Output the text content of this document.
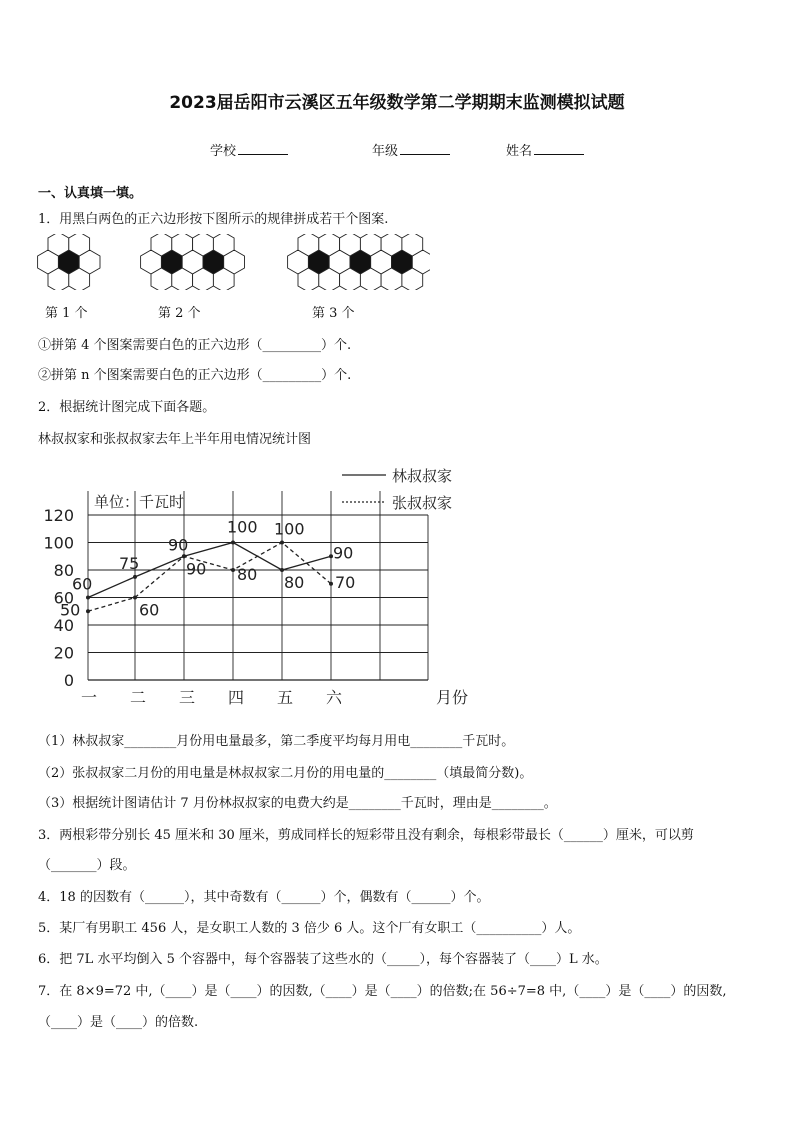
2023届岳阳市云溪区五年级数学第二学期期末监测模拟试题
学校	年级	姓名
一、认真填一填。
1．用黑白两色的正六边形按下图所示的规律拼成若干个图案.
第 1 个	第 2 个	第 3 个
①拼第 4 个图案需要白色的正六边形（_________）个.
②拼第 n 个图案需要白色的正六边形（_________）个.
2．根据统计图完成下面各题。
林叔叔家和张叔叔家去年上半年用电情况统计图
0
20
40
60
80
100
120
单位：千瓦时
一 二 三 四 五 六	月份
林叔叔家
张叔叔家
60
75
90
100
80
90
50	60
90 80
100
70
（1）林叔叔家________月份用电量最多，第二季度平均每月用电________千瓦时。
（2）张叔叔家二月份的用电量是林叔叔家二月份的用电量的________（填最简分数)。
（3）根据统计图请估计 7 月份林叔叔家的电费大约是________千瓦时，理由是________。
3．两根彩带分别长 45 厘米和 30 厘米，剪成同样长的短彩带且没有剩余，每根彩带最长（______）厘米，可以剪
（_______）段。
4．18 的因数有（______），其中奇数有（______）个，偶数有（______）个。
5．某厂有男职工 456 人，是女职工人数的 3 倍少 6 人。这个厂有女职工（__________）人。
6．把 7L 水平均倒入 5 个容器中，每个容器装了这些水的（_____），每个容器装了（____）L 水。
7．在 8×9=72 中,（____）是（____）的因数,（____）是（____）的倍数;在 56÷7=8 中,（____）是（____）的因数,
（____）是（____）的倍数.
